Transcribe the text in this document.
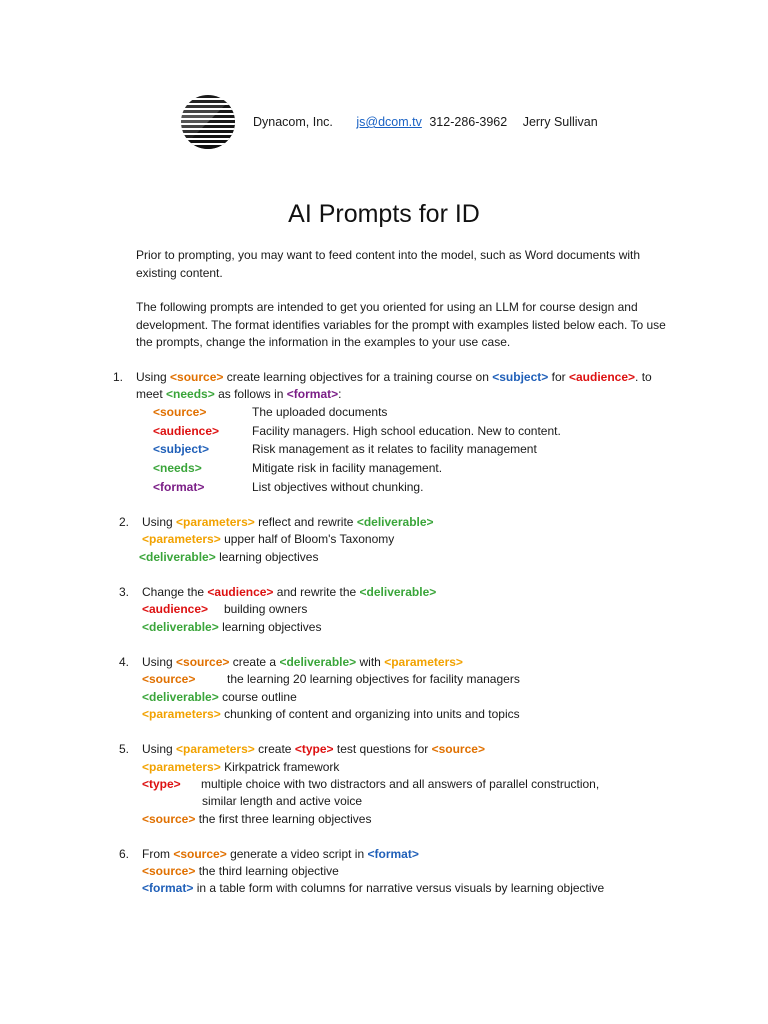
Dynacom, Inc. js@dcom.tv 312-286-3962 Jerry Sullivan
AI Prompts for ID

Prior to prompting, you may want to feed content into the model, such as Word documents with existing content.

The following prompts are intended to get you oriented for using an LLM for course design and development. The format identifies variables for the prompt with examples listed below each. To use the prompts, change the information in the examples to your use case.

1. Using <source> create learning objectives for a training course on <subject> for <audience>. to
meet <needs> as follows in <format>:
<source>	The uploaded documents
<audience>	Facility managers. High school education. New to content.
<subject>	Risk management as it relates to facility management
<needs>	Mitigate risk in facility management.
<format>	List objectives without chunking.
2. Using <parameters> reflect and rewrite <deliverable>
<parameters> upper half of Bloom's Taxonomy
<deliverable> learning objectives
3. Change the <audience> and rewrite the <deliverable>
<audience> building owners
<deliverable> learning objectives
4. Using <source> create a <deliverable> with <parameters>
<source>	the learning 20 learning objectives for facility managers
<deliverable> course outline
<parameters> chunking of content and organizing into units and topics
5. Using <parameters> create <type> test questions for <source>
<parameters> Kirkpatrick framework
<type> multiple choice with two distractors and all answers of parallel construction,
similar length and active voice
<source> the first three learning objectives
6. From <source> generate a video script in <format>
<source> the third learning objective
<format> in a table form with columns for narrative versus visuals by learning objective
